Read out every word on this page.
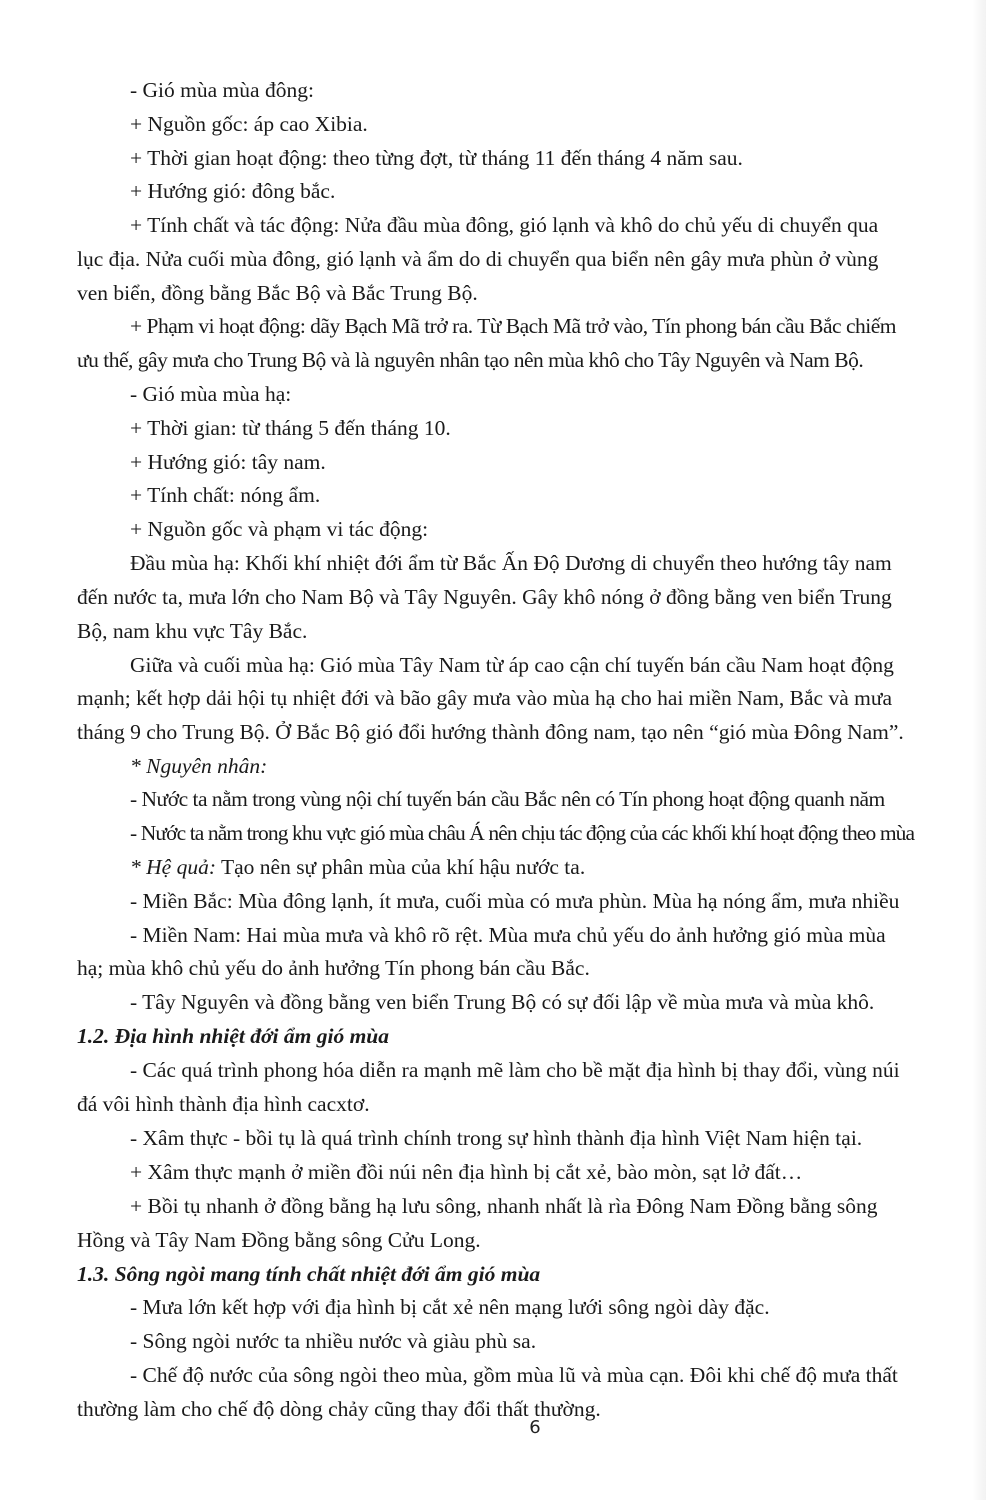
- Gió mùa mùa đông:
+ Nguồn gốc: áp cao Xibia.
+ Thời gian hoạt động: theo từng đợt, từ tháng 11 đến tháng 4 năm sau.
+ Hướng gió: đông bắc.
+ Tính chất và tác động: Nửa đầu mùa đông, gió lạnh và khô do chủ yếu di chuyển qua
lục địa. Nửa cuối mùa đông, gió lạnh và ẩm do di chuyển qua biển nên gây mưa phùn ở vùng
ven biển, đồng bằng Bắc Bộ và Bắc Trung Bộ.
+ Phạm vi hoạt động: dãy Bạch Mã trở ra. Từ Bạch Mã trở vào, Tín phong bán cầu Bắc chiếm
ưu thế, gây mưa cho Trung Bộ và là nguyên nhân tạo nên mùa khô cho Tây Nguyên và Nam Bộ.
- Gió mùa mùa hạ:
+ Thời gian: từ tháng 5 đến tháng 10.
+ Hướng gió: tây nam.
+ Tính chất: nóng ẩm.
+ Nguồn gốc và phạm vi tác động:
Đầu mùa hạ: Khối khí nhiệt đới ẩm từ Bắc Ấn Độ Dương di chuyển theo hướng tây nam
đến nước ta, mưa lớn cho Nam Bộ và Tây Nguyên. Gây khô nóng ở đồng bằng ven biển Trung
Bộ, nam khu vực Tây Bắc.
Giữa và cuối mùa hạ: Gió mùa Tây Nam từ áp cao cận chí tuyến bán cầu Nam hoạt động
mạnh; kết hợp dải hội tụ nhiệt đới và bão gây mưa vào mùa hạ cho hai miền Nam, Bắc và mưa
tháng 9 cho Trung Bộ. Ở Bắc Bộ gió đổi hướng thành đông nam, tạo nên “gió mùa Đông Nam”.
* Nguyên nhân:
- Nước ta nằm trong vùng nội chí tuyến bán cầu Bắc nên có Tín phong hoạt động quanh năm
- Nước ta nằm trong khu vực gió mùa châu Á nên chịu tác động của các khối khí hoạt động theo mùa
* Hệ quả: Tạo nên sự phân mùa của khí hậu nước ta.
- Miền Bắc: Mùa đông lạnh, ít mưa, cuối mùa có mưa phùn. Mùa hạ nóng ẩm, mưa nhiều
- Miền Nam: Hai mùa mưa và khô rõ rệt. Mùa mưa chủ yếu do ảnh hưởng gió mùa mùa
hạ; mùa khô chủ yếu do ảnh hưởng Tín phong bán cầu Bắc.
- Tây Nguyên và đồng bằng ven biển Trung Bộ có sự đối lập về mùa mưa và mùa khô.
1.2. Địa hình nhiệt đới ẩm gió mùa
- Các quá trình phong hóa diễn ra mạnh mẽ làm cho bề mặt địa hình bị thay đổi, vùng núi
đá vôi hình thành địa hình cacxtơ.
- Xâm thực - bồi tụ là quá trình chính trong sự hình thành địa hình Việt Nam hiện tại.
+ Xâm thực mạnh ở miền đồi núi nên địa hình bị cắt xẻ, bào mòn, sạt lở đất…
+ Bồi tụ nhanh ở đồng bằng hạ lưu sông, nhanh nhất là rìa Đông Nam Đồng bằng sông
Hồng và Tây Nam Đồng bằng sông Cửu Long.
1.3. Sông ngòi mang tính chất nhiệt đới ẩm gió mùa
- Mưa lớn kết hợp với địa hình bị cắt xẻ nên mạng lưới sông ngòi dày đặc.
- Sông ngòi nước ta nhiều nước và giàu phù sa.
- Chế độ nước của sông ngòi theo mùa, gồm mùa lũ và mùa cạn. Đôi khi chế độ mưa thất
thường làm cho chế độ dòng chảy cũng thay đổi thất thường.
6
